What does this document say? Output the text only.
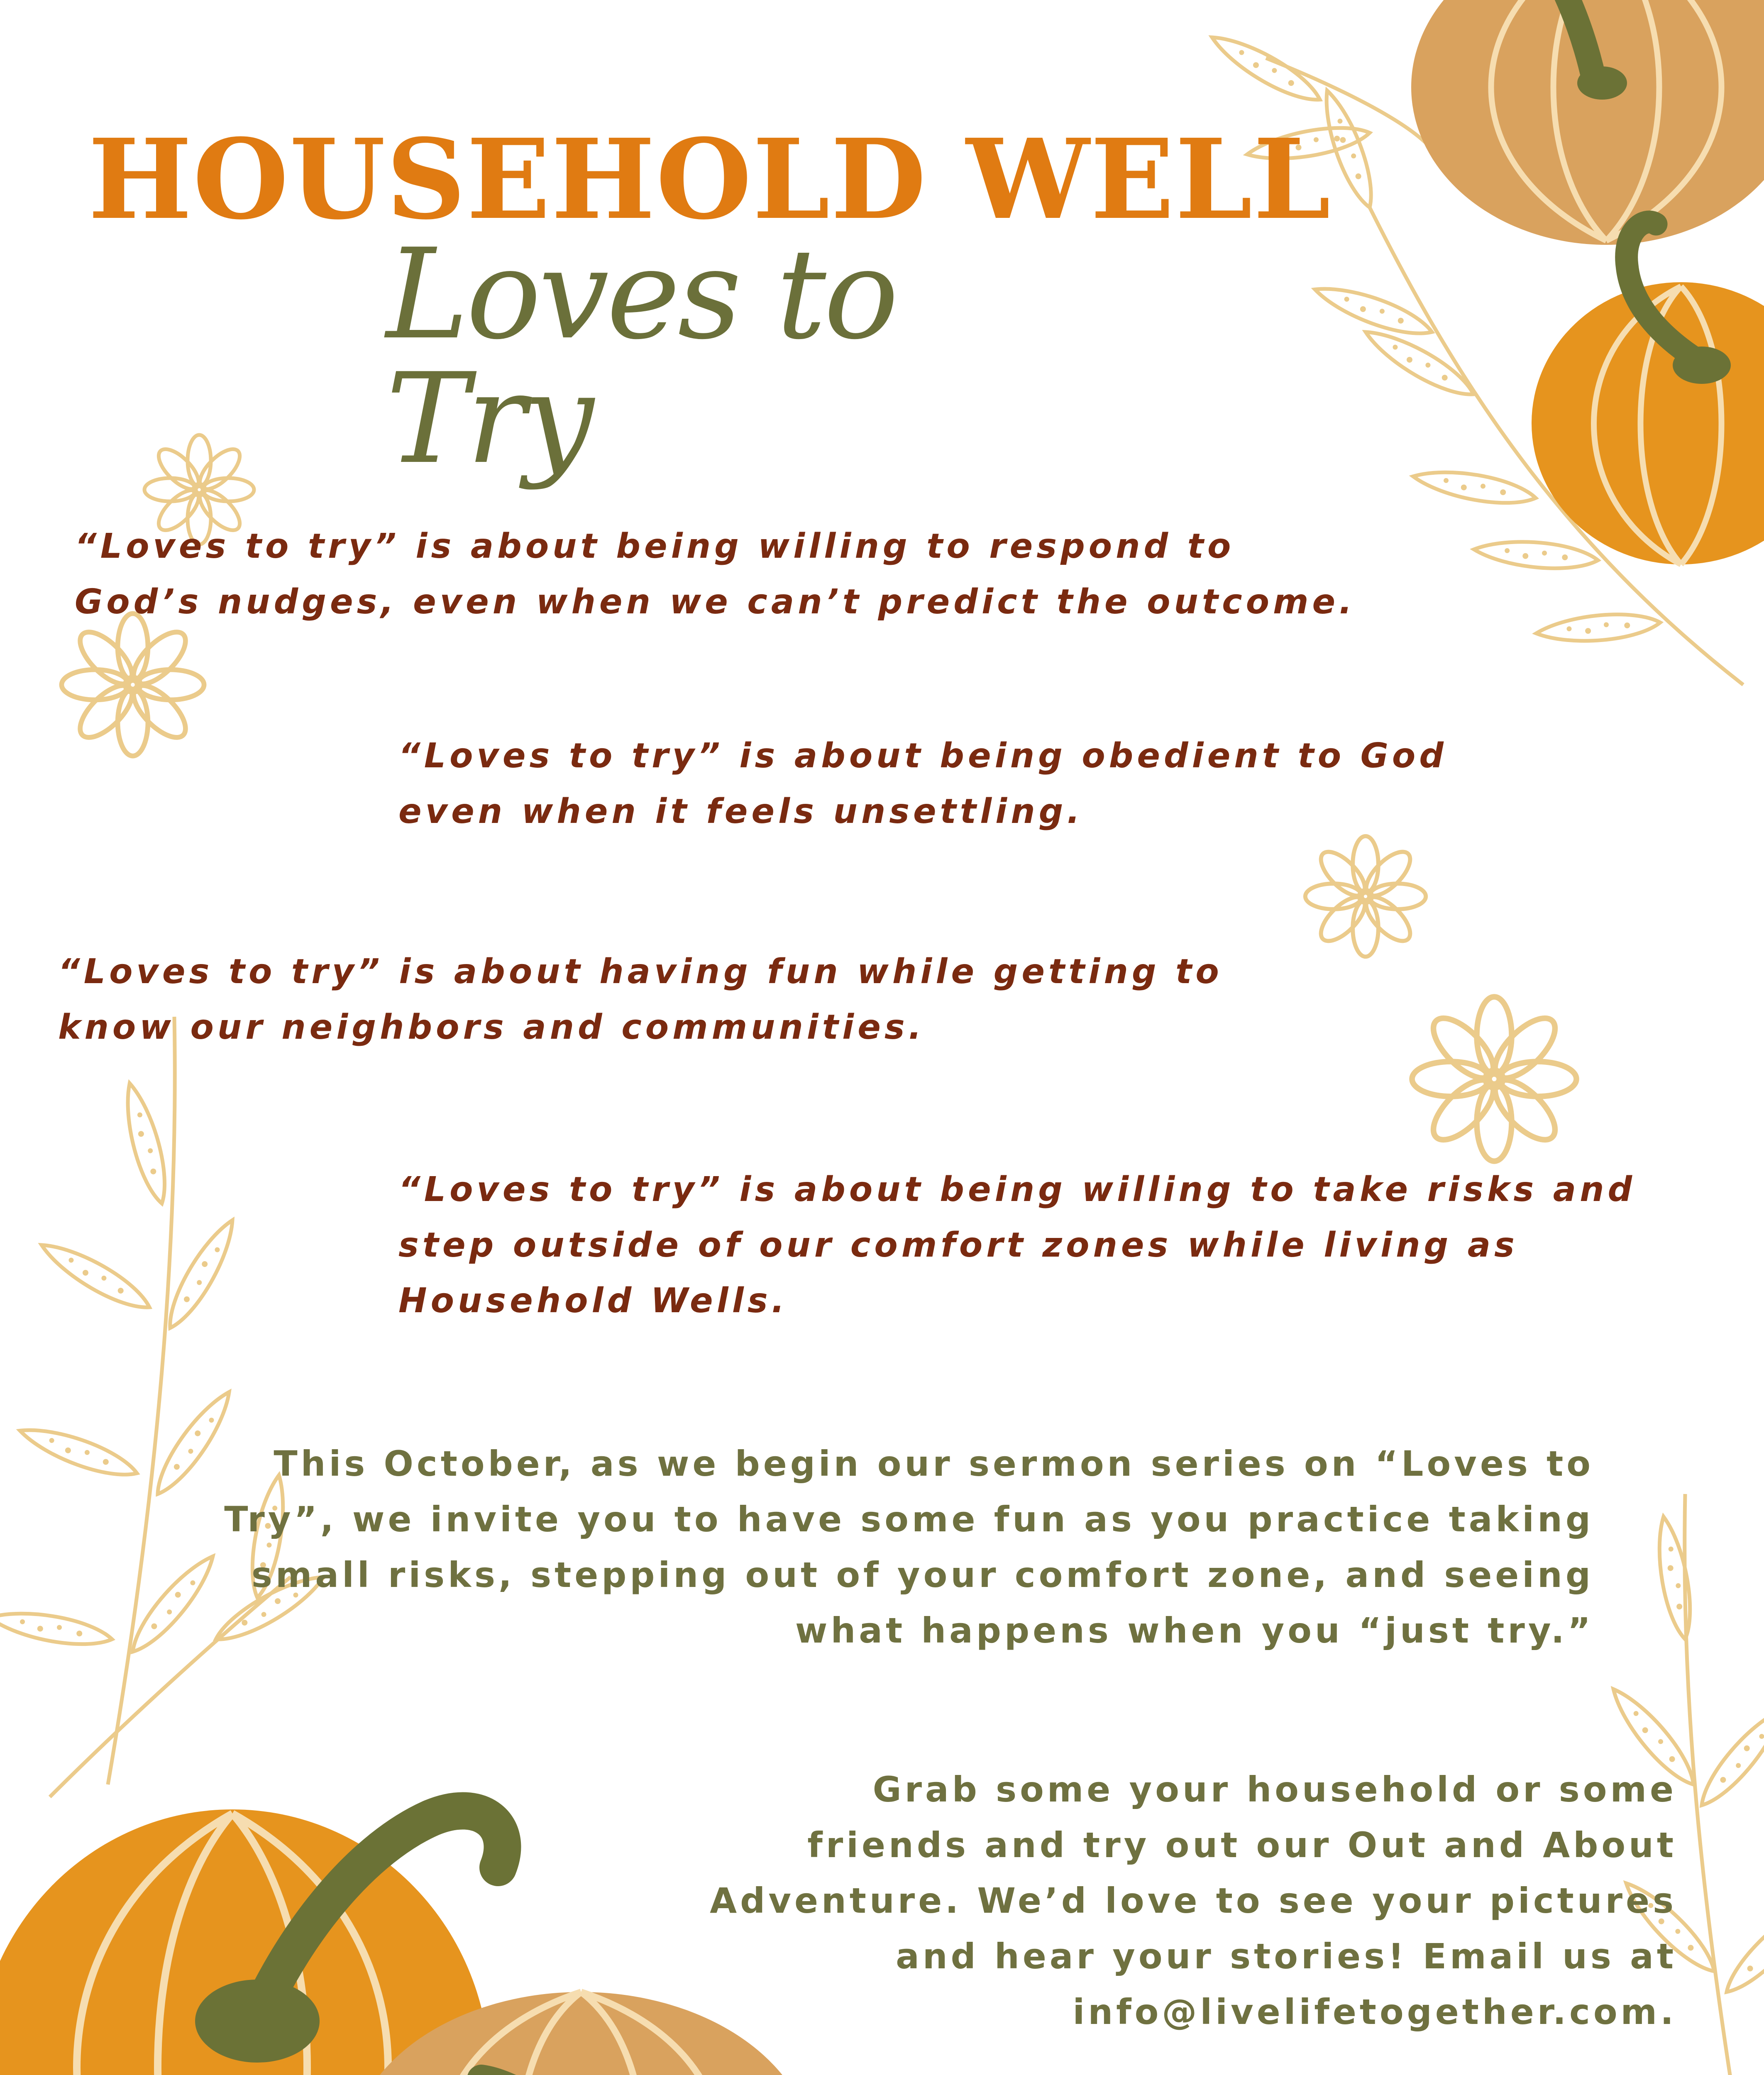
HOUSEHOLD WELL
Loves to Try

“Loves to try” is about being willing to respond to God’s nudges, even when we can’t predict the outcome.

“Loves to try” is about being obedient to God even when it feels unsettling.

“Loves to try” is about having fun while getting to know our neighbors and communities.

“Loves to try” is about being willing to take risks and step outside of our comfort zones while living as Household Wells.

This October, as we begin our sermon series on “Loves to Try”, we invite you to have some fun as you practice taking small risks, stepping out of your comfort zone, and seeing what happens when you “just try.”

Grab some your household or some friends and try out our Out and About Adventure. We’d love to see your pictures and hear your stories! Email us at info@livelifetogether.com.
